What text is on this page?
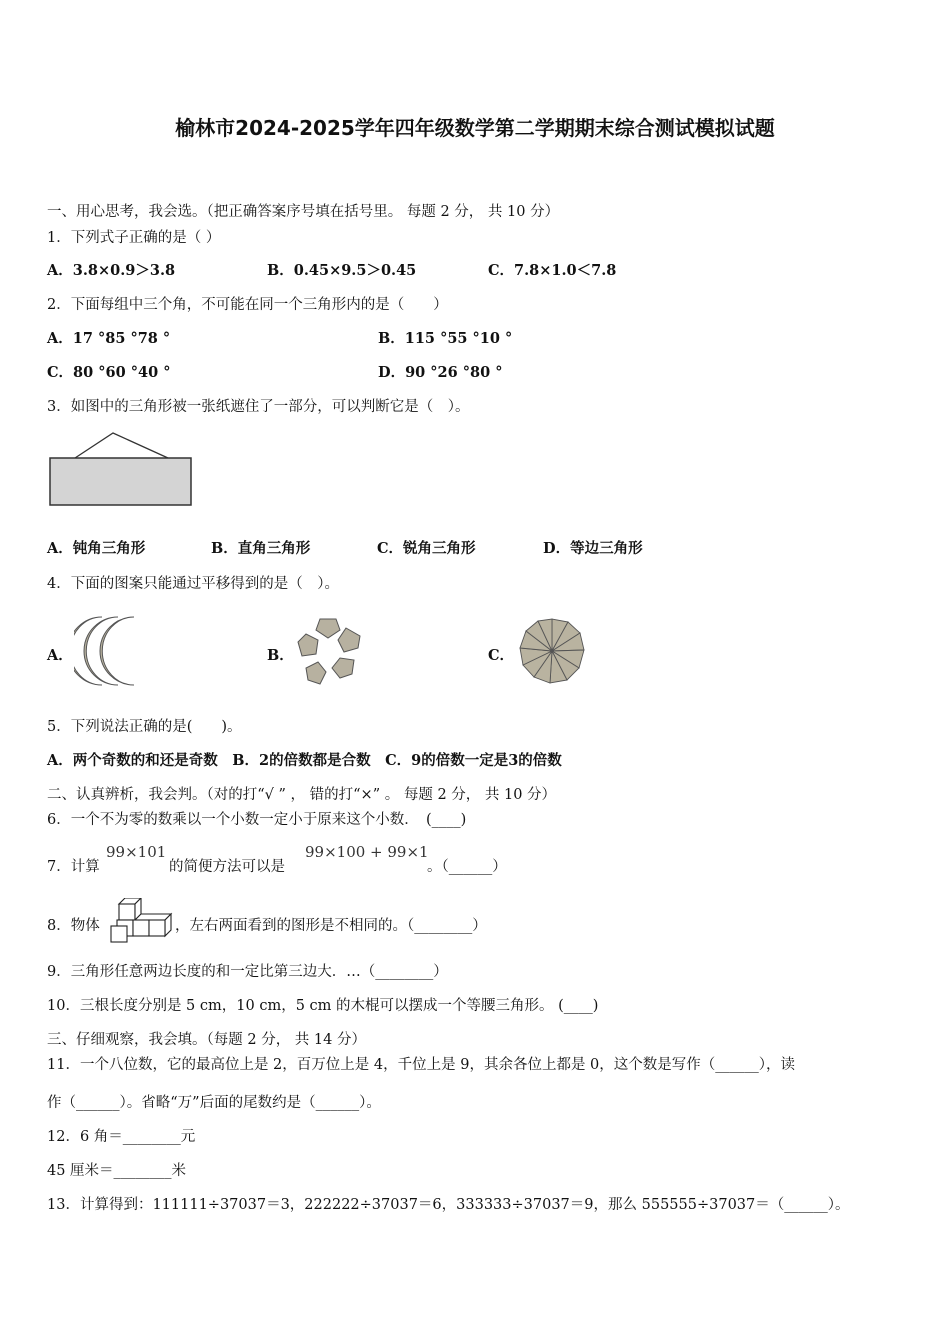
榆林市2024-2025学年四年级数学第二学期期末综合测试模拟试题
一、用心思考，我会选。（把正确答案序号填在括号里。 每题 2 分， 共 10 分）
1．下列式子正确的是（ ）
A．3.8×0.9＞3.8	B．0.45×9.5＞0.45	C．7.8×1.0＜7.8
2．下面每组中三个角，不可能在同一个三角形内的是（　　）
A．17 °85 °78 °	B．115 °55 °10 °
C．80 °60 °40 °	D．90 °26 °80 °
3．如图中的三角形被一张纸遮住了一部分，可以判断它是（　）。
A．钝角三角形	B．直角三角形	C．锐角三角形	D．等边三角形
4．下面的图案只能通过平移得到的是（　）。
A．	B．	C．
5．下列说法正确的是(　　)。
A．两个奇数的和还是奇数　B．2的倍数都是合数　C．9的倍数一定是3的倍数
二、认真辨析，我会判。（对的打“√ ” ， 错的打“×” 。 每题 2 分， 共 10 分）
6．一个不为零的数乘以一个小数一定小于原来这个小数．　(____)
7．计算
99×101
的简便方法可以是
99×100 + 99×1
。（______）
8．物体	，左右两面看到的图形是不相同的。（________）
9．三角形任意两边长度的和一定比第三边大．…（________）
10．三根长度分别是 5 cm，10 cm，5 cm 的木棍可以摆成一个等腰三角形。 (____)
三、仔细观察，我会填。（每题 2 分， 共 14 分）
11．一个八位数，它的最高位上是 2，百万位上是 4，千位上是 9，其余各位上都是 0，这个数是写作（______），读
作（______）。省略“万”后面的尾数约是（______）。
12．6 角＝________元
45 厘米＝________米
13．计算得到：111111÷37037＝3，222222÷37037＝6，333333÷37037＝9，那么 555555÷37037＝（______）。
